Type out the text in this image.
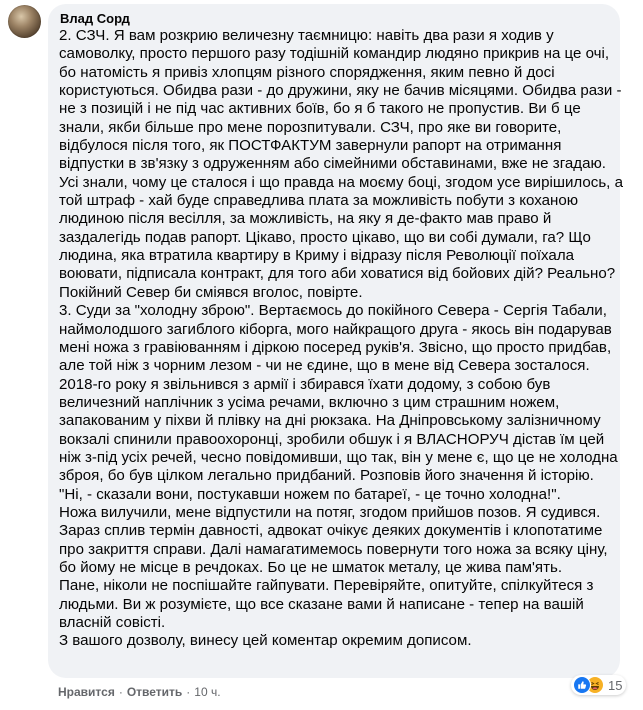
Влад Сорд
2. СЗЧ. Я вам розкрию величезну таємницю: навіть два рази я ходив у
самоволку, просто першого разу тодішній командир людяно прикрив на це очі,
бо натомість я привіз хлопцям різного спорядження, яким певно й досі
користуються. Обидва рази - до дружини, яку не бачив місяцями. Обидва рази -
не з позицій і не під час активних боїв, бо я б такого не пропустив. Ви б це
знали, якби більше про мене порозпитували. СЗЧ, про яке ви говорите,
відбулося після того, як ПОСТФАКТУМ завернули рапорт на отримання
відпустки в зв'язку з одруженням або сімейними обставинами, вже не згадаю.
Усі знали, чому це сталося і що правда на моєму боці, згодом усе вирішилось, а
той штраф - хай буде справедлива плата за можливість побути з коханою
людиною після весілля, за можливість, на яку я де-факто мав право й
заздалегідь подав рапорт. Цікаво, просто цікаво, що ви собі думали, га? Що
людина, яка втратила квартиру в Криму і відразу після Революції поїхала
воювати, підписала контракт, для того аби ховатися від бойових дій? Реально?
Покійний Север би сміявся вголос, повірте.
3. Суди за "холодну зброю". Вертаємось до покійного Севера - Сергія Табали,
наймолодшого загиблого кіборга, мого найкращого друга - якось він подарував
мені ножа з гравіюванням і діркою посеред руків'я. Звісно, що просто придбав,
але той ніж з чорним лезом - чи не єдине, що в мене від Севера зосталося.
2018-го року я звільнився з армії і збирався їхати додому, з собою був
величезний наплічник з усіма речами, включно з цим страшним ножем,
запакованим у піхви й плівку на дні рюкзака. На Дніпровському залізничному
вокзалі спинили правоохоронці, зробили обшук і я ВЛАСНОРУЧ дістав їм цей
ніж з-під усіх речей, чесно повідомивши, що так, він у мене є, що це не холодна
зброя, бо був цілком легально придбаний. Розповів його значення й історію.
"Ні, - сказали вони, постукавши ножем по батареї, - це точно холодна!".
Ножа вилучили, мене відпустили на потяг, згодом прийшов позов. Я судився.
Зараз сплив термін давності, адвокат очікує деяких документів і клопотатиме
про закриття справи. Далі намагатимемось повернути того ножа за всяку ціну,
бо йому не місце в речдоках. Бо це не шматок металу, це жива пам'ять.
Пане, ніколи не поспішайте гайпувати. Перевіряйте, опитуйте, спілкуйтеся з
людьми. Ви ж розумієте, що все сказане вами й написане - тепер на вашій
власній совісті.
З вашого дозволу, винесу цей коментар окремим дописом.
Нравится · Ответить · 10 ч.	15
